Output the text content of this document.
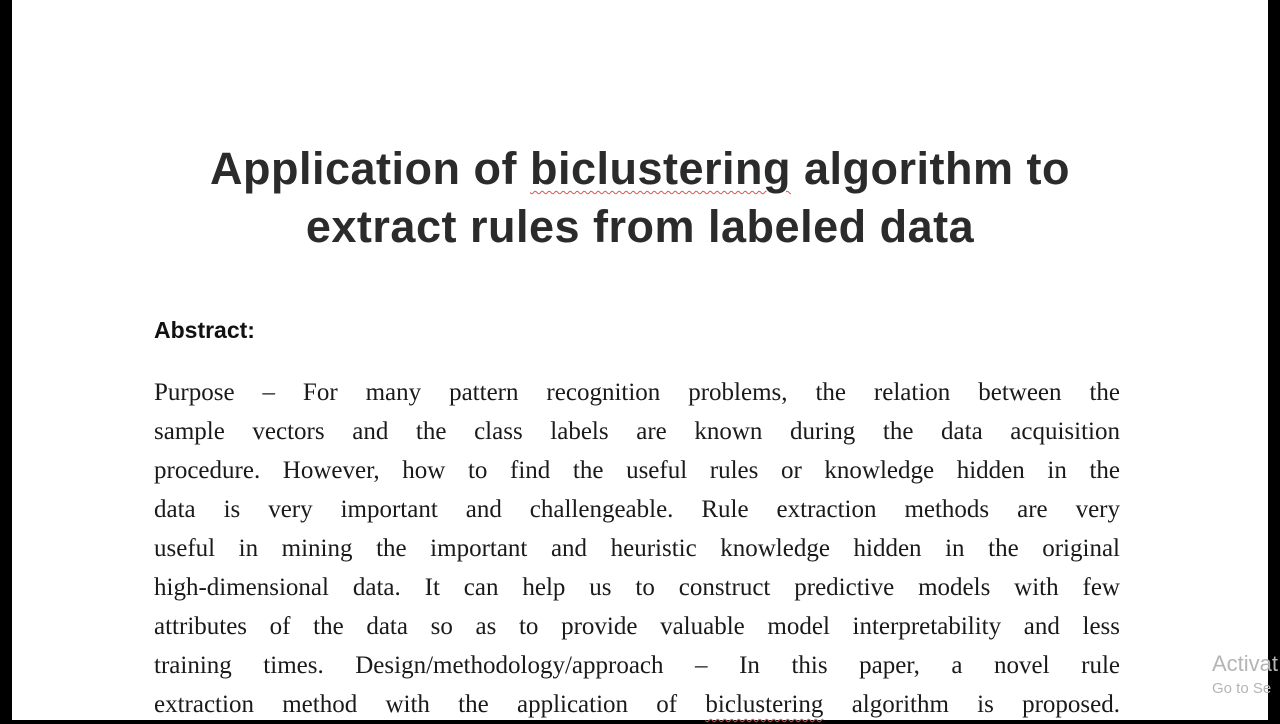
Application of biclustering algorithm to
extract rules from labeled data
Abstract:
Purpose – For many pattern recognition problems, the relation between the
sample vectors and the class labels are known during the data acquisition
procedure. However, how to find the useful rules or knowledge hidden in the
data is very important and challengeable. Rule extraction methods are very
useful in mining the important and heuristic knowledge hidden in the original
high-dimensional data. It can help us to construct predictive models with few
attributes of the data so as to provide valuable model interpretability and less
training times. Design/methodology/approach – In this paper, a novel rule
extraction method with the application of biclustering algorithm is proposed.
Activat
Go to Se
